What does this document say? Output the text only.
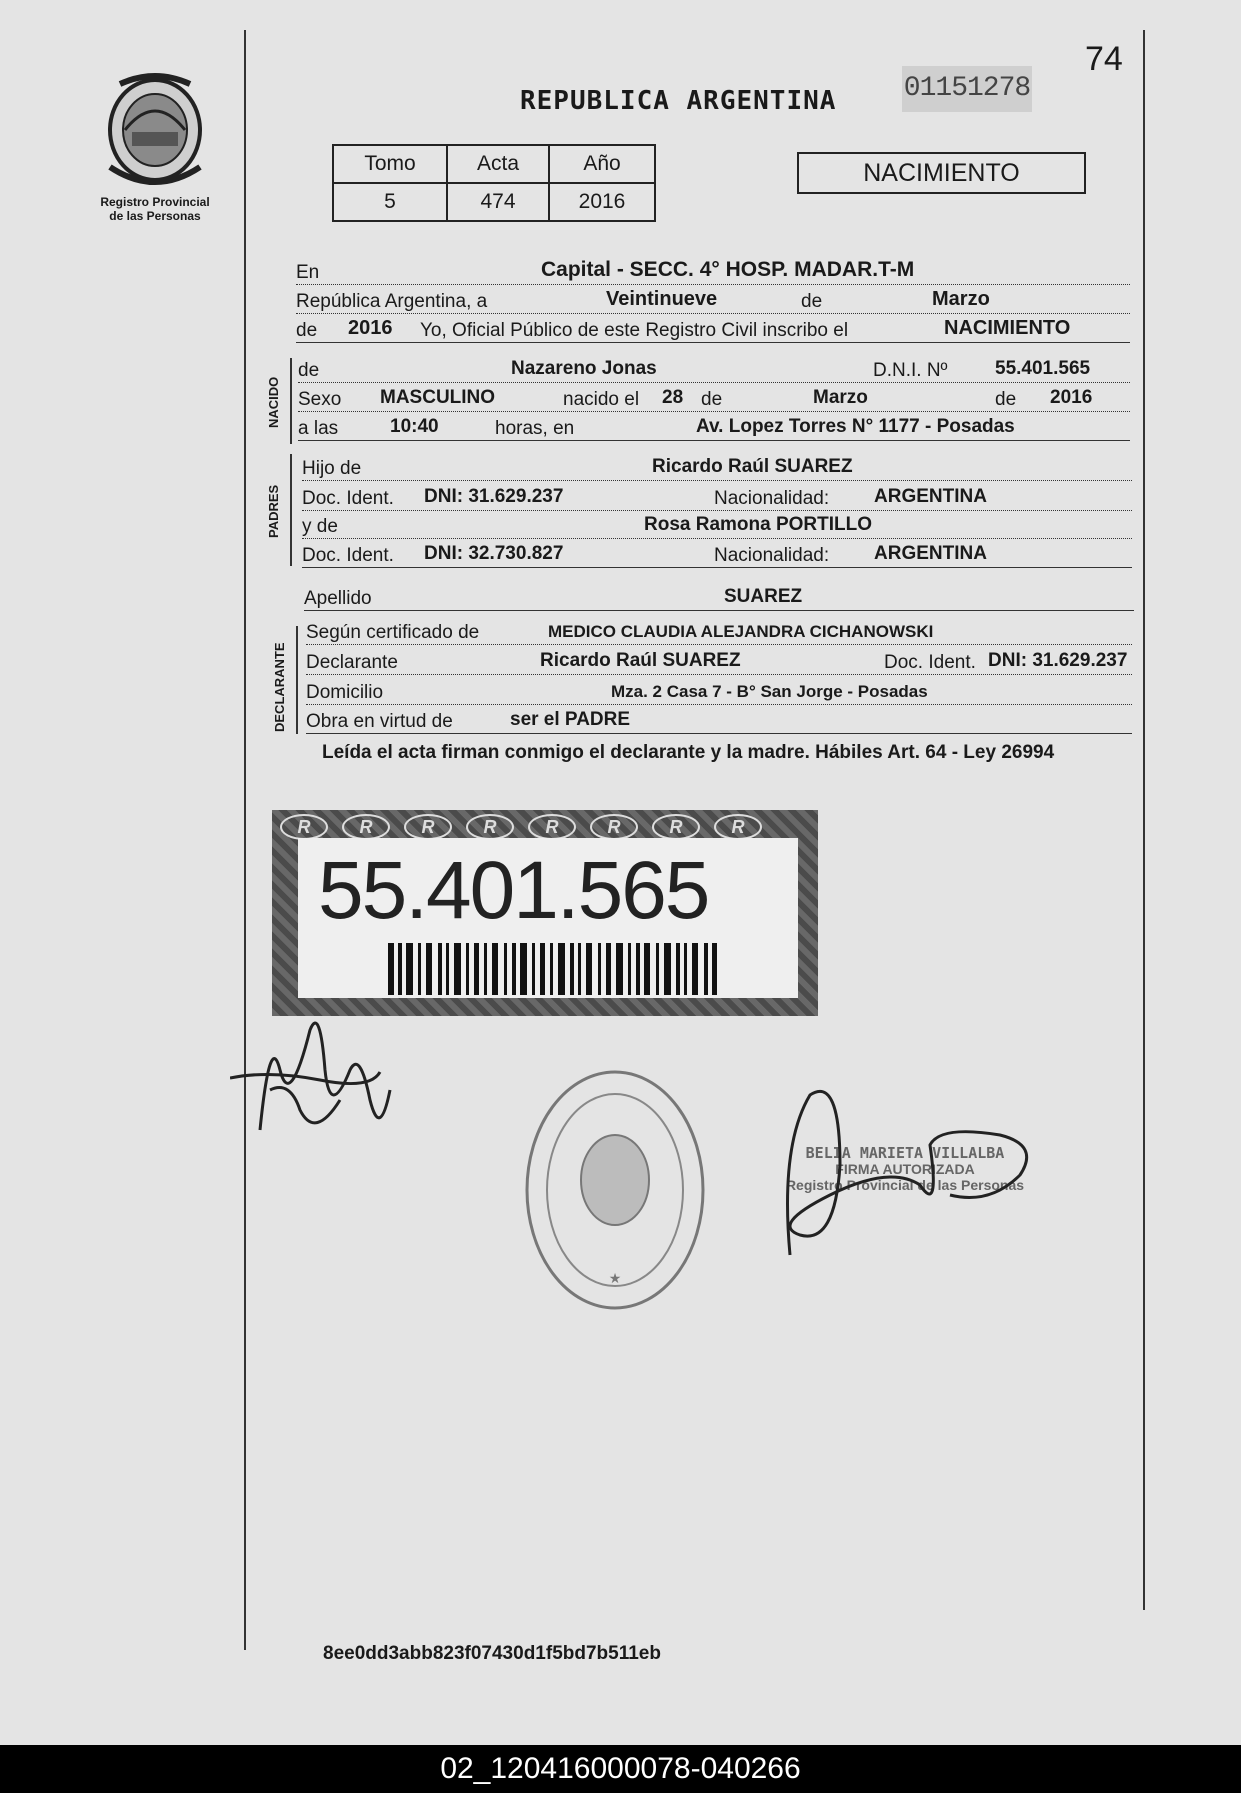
Registro Provincial
de las Personas
74
REPUBLICA ARGENTINA 01151278
Tomo	Acta	Año
5	474	2016
NACIMIENTO
En	Capital - SECC. 4° HOSP. MADAR.T-M
República Argentina, a	Veintinueve	de	Marzo
de 2016 Yo, Oficial Público de este Registro Civil inscribo el	NACIMIENTO
NACIDO
de	Nazareno Jonas	D.N.I. Nº	55.401.565
Sexo MASCULINO	nacido el 28 de	Marzo	de 2016
a las	10:40	horas, en	Av. Lopez Torres N° 1177 - Posadas
PADRES
Hijo de	Ricardo Raúl SUAREZ
Doc. Ident. DNI: 31.629.237	Nacionalidad: ARGENTINA
y de	Rosa Ramona PORTILLO
Doc. Ident. DNI: 32.730.827	Nacionalidad: ARGENTINA
Apellido	SUAREZ
DECLARANTE
Según certificado de	MEDICO CLAUDIA ALEJANDRA CICHANOWSKI
Declarante	Ricardo Raúl SUAREZ	Doc. Ident. DNI: 31.629.237
Domicilio	Mza. 2 Casa 7 - B° San Jorge - Posadas
Obra en virtud de	ser el PADRE
Leída el acta firman conmigo el declarante y la madre. Hábiles Art. 64 - Ley 26994
R	R	R	R	R	R	R	R
55.401.565
★
BELIA MARIETA VILLALBA
FIRMA AUTORIZADA
Registro Provincial de las Personas
8ee0dd3abb823f07430d1f5bd7b511eb
02_120416000078-040266
